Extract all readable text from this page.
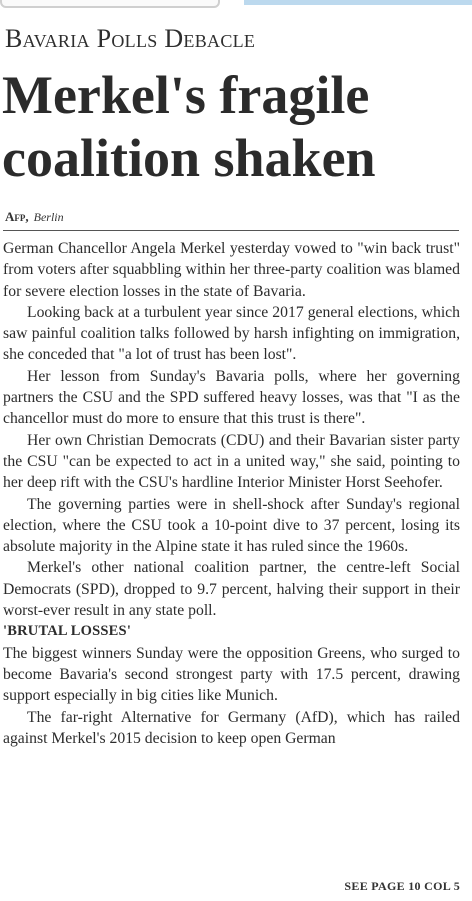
Bavaria Polls Debacle
Merkel's fragile coalition shaken
Afp, Berlin

German Chancellor Angela Merkel yesterday vowed to "win back trust" from voters after squabbling within her three-party coalition was blamed for severe election losses in the state of Bavaria.

Looking back at a turbulent year since 2017 general elections, which saw painful coalition talks followed by harsh infighting on immigration, she conceded that "a lot of trust has been lost".

Her lesson from Sunday's Bavaria polls, where her governing partners the CSU and the SPD suffered heavy losses, was that "I as the chancellor must do more to ensure that this trust is there".

Her own Christian Democrats (CDU) and their Bavarian sister party the CSU "can be expected to act in a united way," she said, pointing to her deep rift with the CSU's hardline Interior Minister Horst Seehofer.

The governing parties were in shell-shock after Sunday's regional election, where the CSU took a 10-point dive to 37 percent, losing its absolute majority in the Alpine state it has ruled since the 1960s.

Merkel's other national coalition partner, the centre-left Social Democrats (SPD), dropped to 9.7 percent, halving their support in their worst-ever result in any state poll.

'BRUTAL LOSSES'

The biggest winners Sunday were the opposition Greens, who surged to become Bavaria's second strongest party with 17.5 percent, drawing support especially in big cities like Munich.

The far-right Alternative for Germany (AfD), which has railed against Merkel's 2015 decision to keep open German

SEE PAGE 10 COL 5
